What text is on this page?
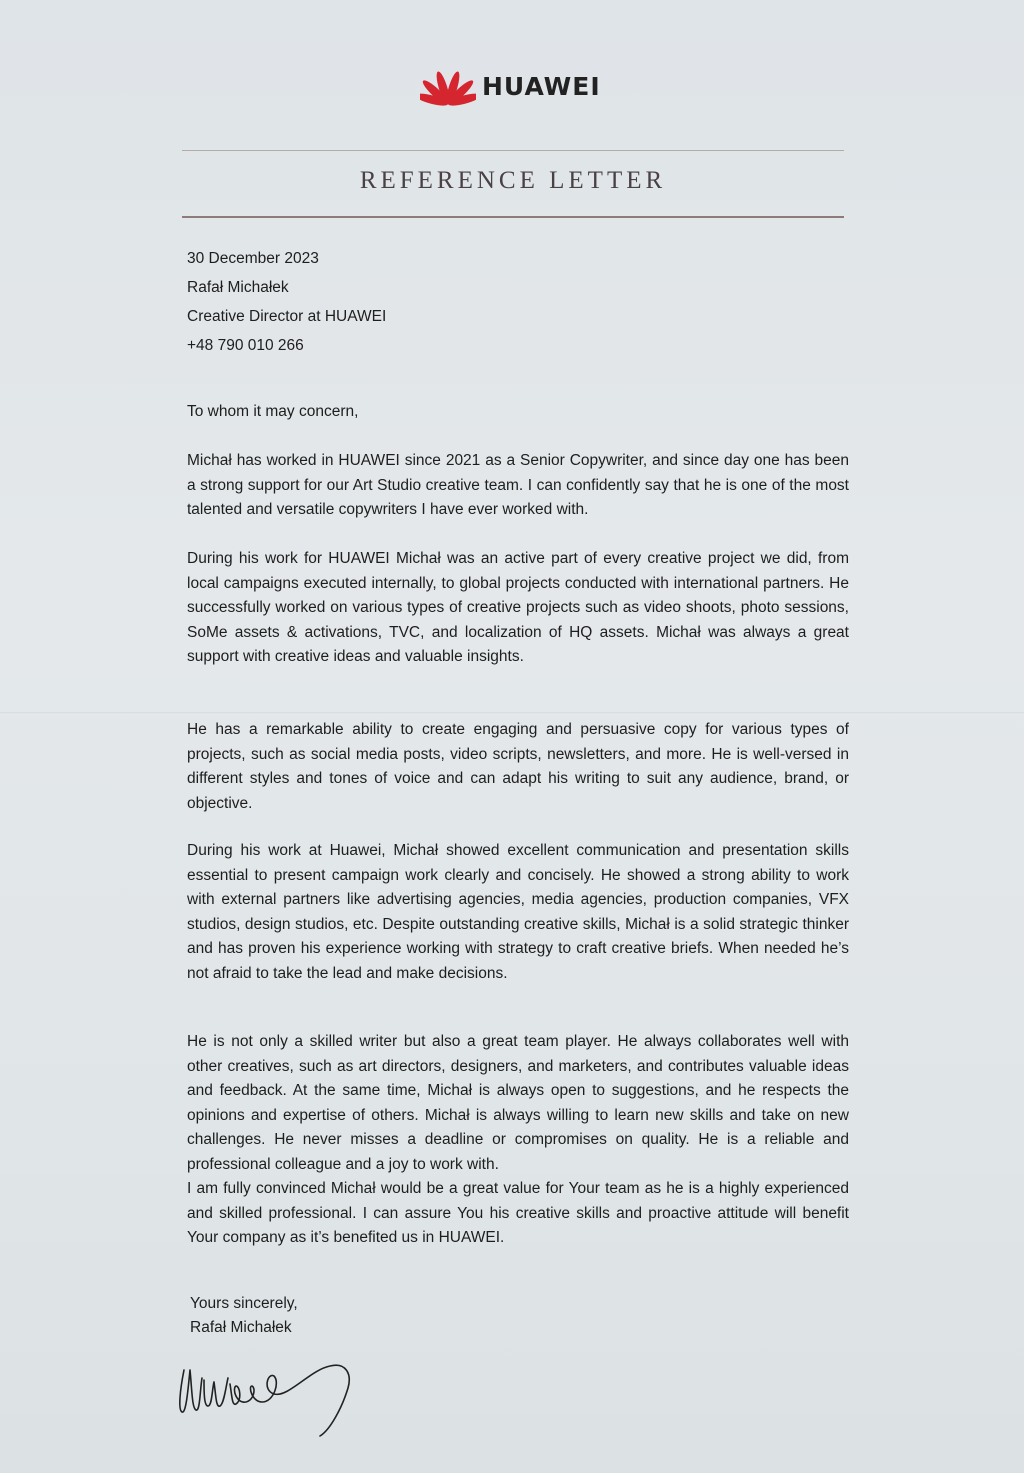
HUAWEI
REFERENCE LETTER
30 December 2023
Rafał Michałek
Creative Director at HUAWEI
+48 790 010 266
To whom it may concern,
Michał has worked in HUAWEI since 2021 as a Senior Copywriter, and since day one has been a strong support for our Art Studio creative team. I can confidently say that he is one of the most talented and versatile copywriters I have ever worked with.
During his work for HUAWEI Michał was an active part of every creative project we did, from local campaigns executed internally, to global projects conducted with international partners. He successfully worked on various types of creative projects such as video shoots, photo sessions, SoMe assets & activations, TVC, and localization of HQ assets. Michał was always a great support with creative ideas and valuable insights.
He has a remarkable ability to create engaging and persuasive copy for various types of projects, such as social media posts, video scripts, newsletters, and more. He is well-versed in different styles and tones of voice and can adapt his writing to suit any audience, brand, or objective.
During his work at Huawei, Michał showed excellent communication and presentation skills essential to present campaign work clearly and concisely. He showed a strong ability to work with external partners like advertising agencies, media agencies, production companies, VFX studios, design studios, etc. Despite outstanding creative skills, Michał is a solid strategic thinker and has proven his experience working with strategy to craft creative briefs. When needed he’s not afraid to take the lead and make decisions.
He is not only a skilled writer but also a great team player. He always collaborates well with other creatives, such as art directors, designers, and marketers, and contributes valuable ideas and feedback. At the same time, Michał is always open to suggestions, and he respects the opinions and expertise of others. Michał is always willing to learn new skills and take on new challenges. He never misses a deadline or compromises on quality. He is a reliable and professional colleague and a joy to work with.
I am fully convinced Michał would be a great value for Your team as he is a highly experienced and skilled professional. I can assure You his creative skills and proactive attitude will benefit Your company as it’s benefited us in HUAWEI.
Yours sincerely,
Rafał Michałek
